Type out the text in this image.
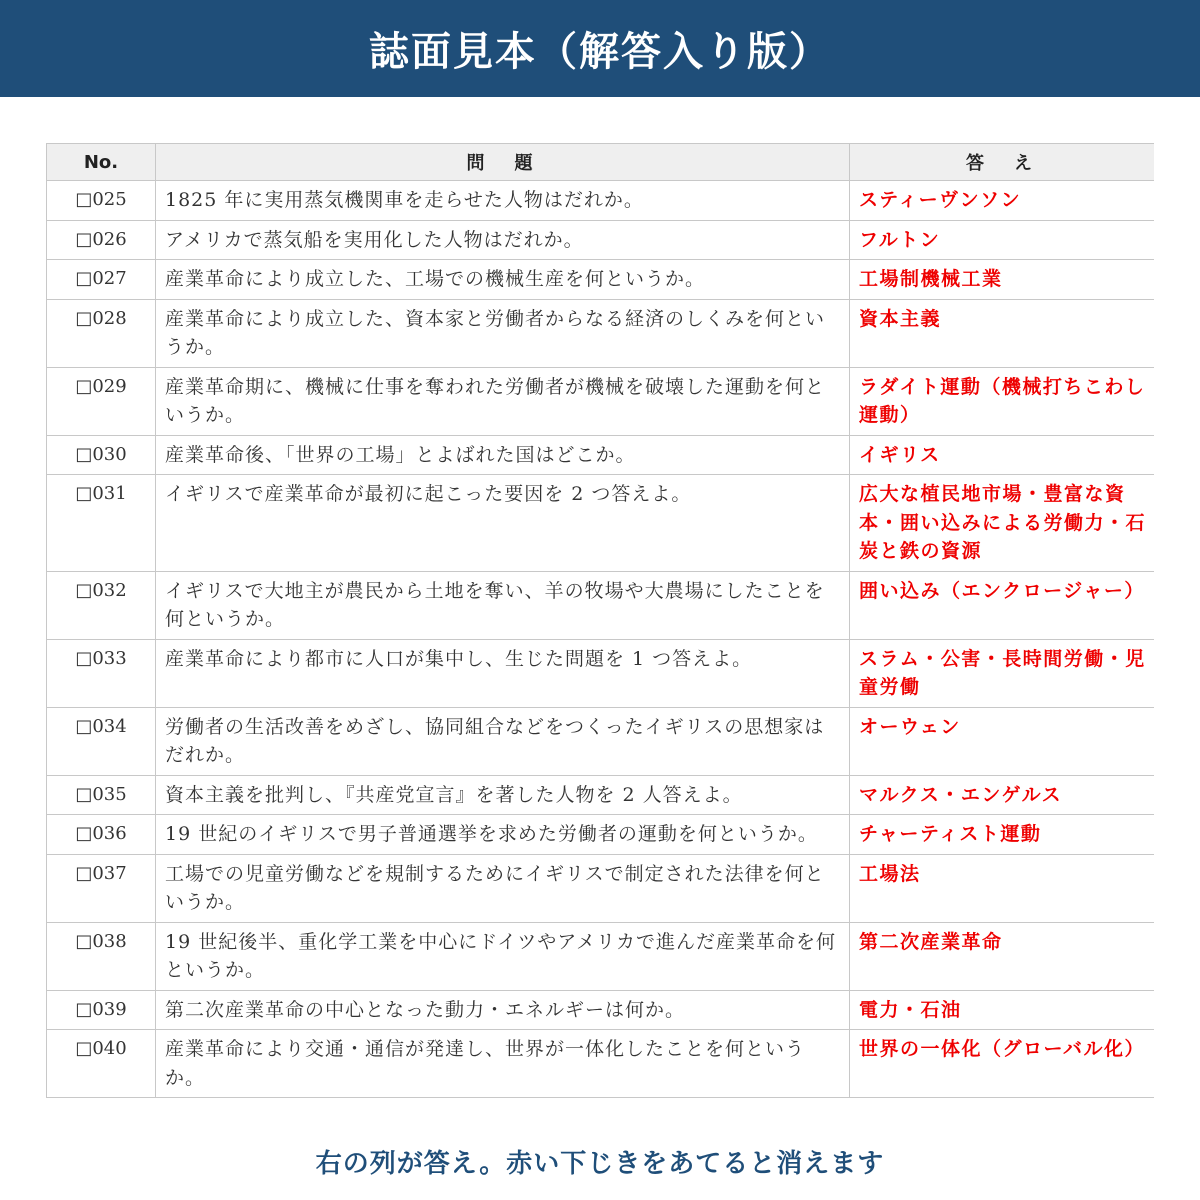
誌面見本（解答入り版）
No.	問　題	答　え
□025	1825 年に実用蒸気機関車を走らせた人物はだれか。	スティーヴンソン
□026	アメリカで蒸気船を実用化した人物はだれか。	フルトン
□027	産業革命により成立した、工場での機械生産を何というか。	工場制機械工業
□028	産業革命により成立した、資本家と労働者からなる経済のしくみを何というか。	資本主義
□029	産業革命期に、機械に仕事を奪われた労働者が機械を破壊した運動を何というか。	ラダイト運動（機械打ちこわし運動）
□030	産業革命後、「世界の工場」とよばれた国はどこか。	イギリス
□031	イギリスで産業革命が最初に起こった要因を 2 つ答えよ。	広大な植民地市場・豊富な資本・囲い込みによる労働力・石炭と鉄の資源
□032	イギリスで大地主が農民から土地を奪い、羊の牧場や大農場にしたことを何というか。	囲い込み（エンクロージャー）
□033	産業革命により都市に人口が集中し、生じた問題を 1 つ答えよ。	スラム・公害・長時間労働・児童労働
□034	労働者の生活改善をめざし、協同組合などをつくったイギリスの思想家はだれか。	オーウェン
□035	資本主義を批判し、『共産党宣言』を著した人物を 2 人答えよ。	マルクス・エンゲルス
□036	19 世紀のイギリスで男子普通選挙を求めた労働者の運動を何というか。	チャーティスト運動
□037	工場での児童労働などを規制するためにイギリスで制定された法律を何というか。	工場法
□038	19 世紀後半、重化学工業を中心にドイツやアメリカで進んだ産業革命を何というか。	第二次産業革命
□039	第二次産業革命の中心となった動力・エネルギーは何か。	電力・石油
□040	産業革命により交通・通信が発達し、世界が一体化したことを何というか。	世界の一体化（グローバル化）
右の列が答え。赤い下じきをあてると消えます
